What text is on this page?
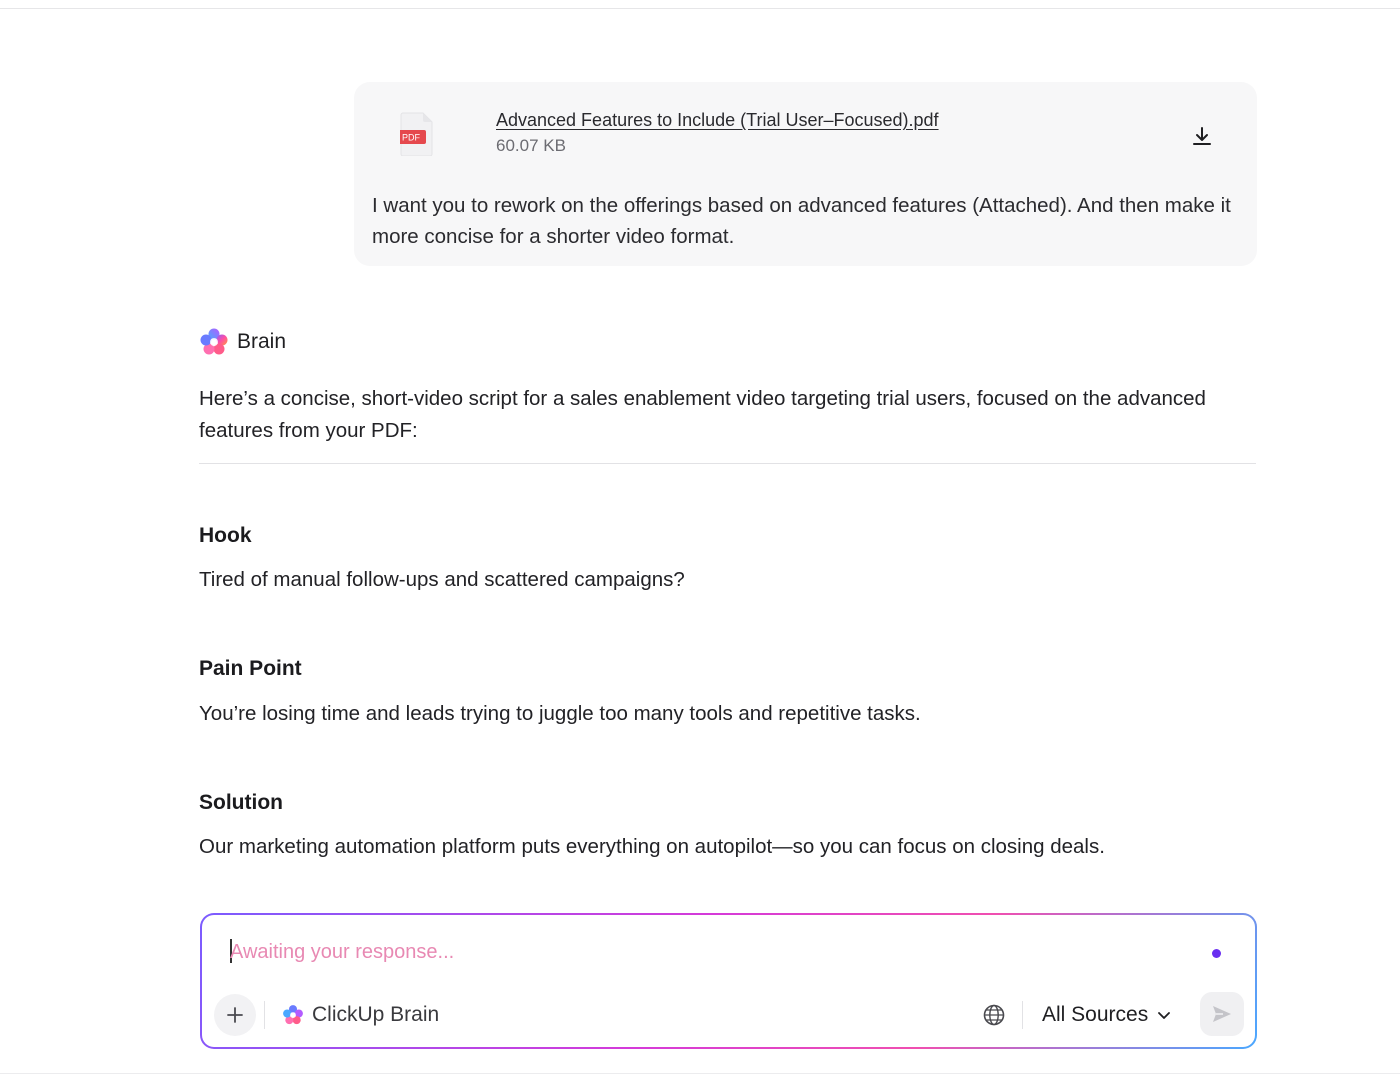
PDF
Advanced Features to Include (Trial User–Focused).pdf
60.07 KB
I want you to rework on the offerings based on advanced features (Attached). And then make it more concise for a shorter video format.
Brain
Here’s a concise, short-video script for a sales enablement video targeting trial users, focused on the advanced features from your PDF:
Hook
Tired of manual follow-ups and scattered campaigns?
Pain Point
You’re losing time and leads trying to juggle too many tools and repetitive tasks.
Solution
Our marketing automation platform puts everything on autopilot—so you can focus on closing deals.
Awaiting your response...
ClickUp Brain	All Sources
